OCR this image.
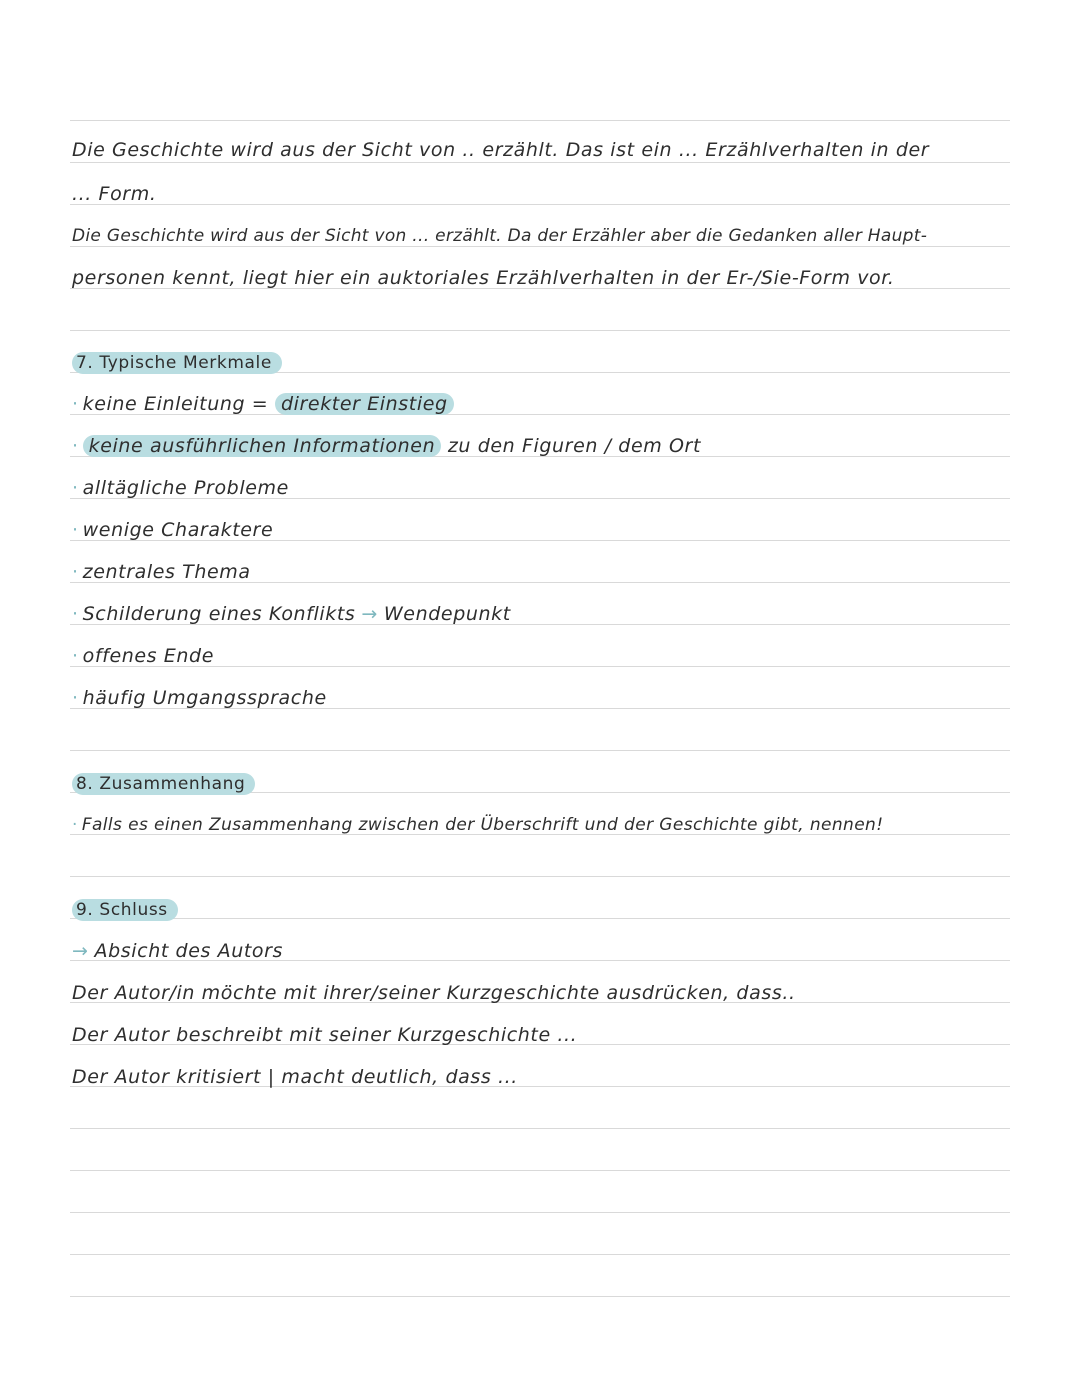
Die Geschichte wird aus der Sicht von .. erzählt. Das ist ein ... Erzählverhalten in der
... Form.
Die Geschichte wird aus der Sicht von ... erzählt. Da der Erzähler aber die Gedanken aller Haupt-
personen kennt, liegt hier ein auktoriales Erzählverhalten in der Er-/Sie-Form vor.
7. Typische Merkmale
· keine Einleitung = direkter Einstieg
· keine ausführlichen Informationen zu den Figuren / dem Ort
· alltägliche Probleme
· wenige Charaktere
· zentrales Thema
· Schilderung eines Konflikts → Wendepunkt
· offenes Ende
· häufig Umgangssprache
8. Zusammenhang
· Falls es einen Zusammenhang zwischen der Überschrift und der Geschichte gibt, nennen!
9. Schluss
→ Absicht des Autors
Der Autor/in möchte mit ihrer/seiner Kurzgeschichte ausdrücken, dass..
Der Autor beschreibt mit seiner Kurzgeschichte ...
Der Autor kritisiert | macht deutlich, dass ...
